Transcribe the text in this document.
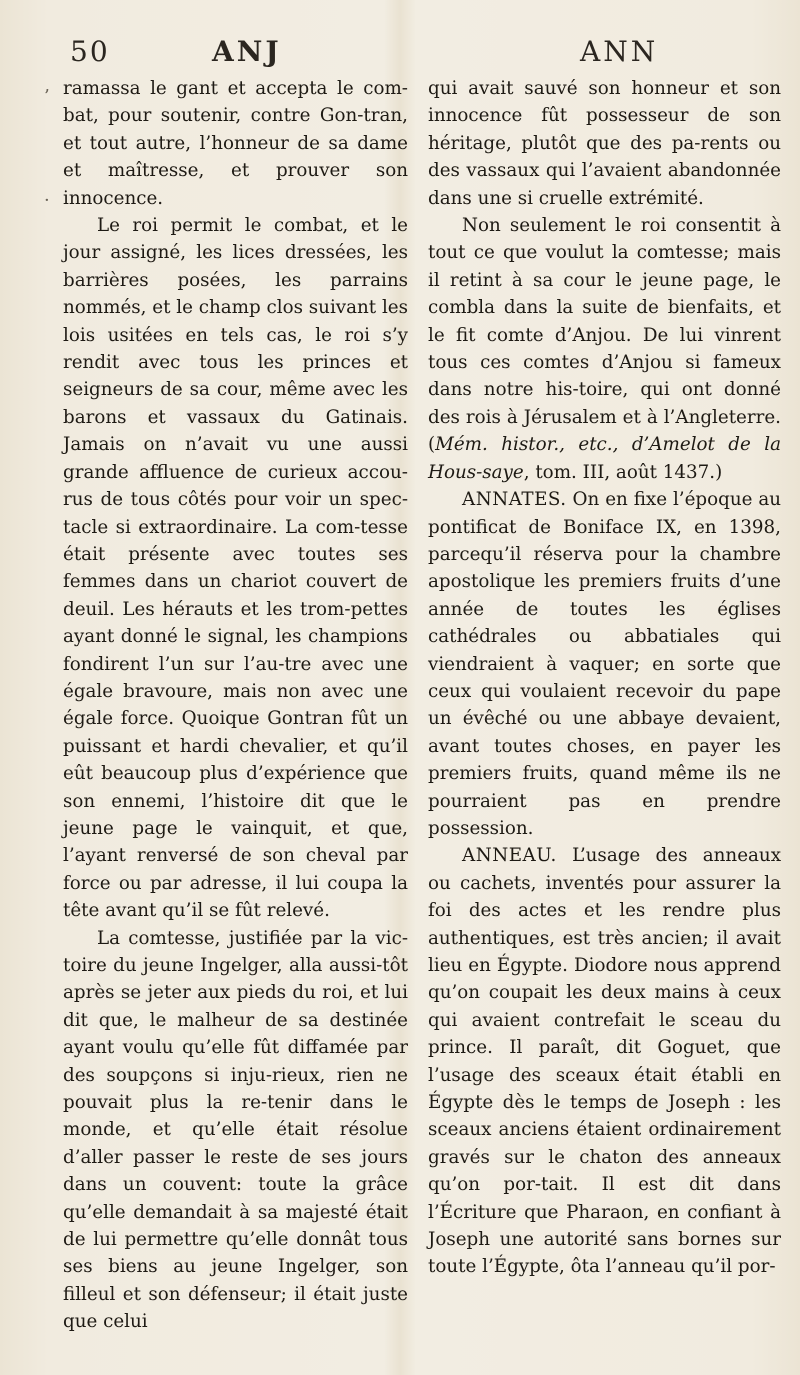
50	ANJ	ANN
’
·

ramassa le gant et accepta le com-bat, pour soutenir, contre Gon-tran, et tout autre, l’honneur de sa dame et maîtresse, et prouver son innocence.

Le roi permit le combat, et le jour assigné, les lices dressées, les barrières posées, les parrains nommés, et le champ clos suivant les lois usitées en tels cas, le roi s’y rendit avec tous les princes et seigneurs de sa cour, même avec les barons et vassaux du Gatinais. Jamais on n’avait vu une aussi grande affluence de curieux accou-rus de tous côtés pour voir un spec-tacle si extraordinaire. La com-tesse était présente avec toutes ses femmes dans un chariot couvert de deuil. Les hérauts et les trom-pettes ayant donné le signal, les champions fondirent l’un sur l’au-tre avec une égale bravoure, mais non avec une égale force. Quoique Gontran fût un puissant et hardi chevalier, et qu’il eût beaucoup plus d’expérience que son ennemi, l’histoire dit que le jeune page le vainquit, et que, l’ayant renversé de son cheval par force ou par adresse, il lui coupa la tête avant qu’il se fût relevé.

La comtesse, justifiée par la vic-toire du jeune Ingelger, alla aussi-tôt après se jeter aux pieds du roi, et lui dit que, le malheur de sa destinée ayant voulu qu’elle fût diffamée par des soupçons si inju-rieux, rien ne pouvait plus la re-tenir dans le monde, et qu’elle était résolue d’aller passer le reste de ses jours dans un couvent: toute la grâce qu’elle demandait à sa majesté était de lui permettre qu’elle donnât tous ses biens au jeune Ingelger, son filleul et son défenseur; il était juste que celui

qui avait sauvé son honneur et son innocence fût possesseur de son héritage, plutôt que des pa-rents ou des vassaux qui l’avaient abandonnée dans une si cruelle extrémité.

Non seulement le roi consentit à tout ce que voulut la comtesse; mais il retint à sa cour le jeune page, le combla dans la suite de bienfaits, et le fit comte d’Anjou. De lui vinrent tous ces comtes d’Anjou si fameux dans notre his-toire, qui ont donné des rois à Jérusalem et à l’Angleterre. (Mém. histor., etc., d’Amelot de la Hous-saye, tom. III, août 1437.)

ANNATES. On en fixe l’époque au pontificat de Boniface IX, en 1398, parcequ’il réserva pour la chambre apostolique les premiers fruits d’une année de toutes les églises cathédrales ou abbatiales qui viendraient à vaquer; en sorte que ceux qui voulaient recevoir du pape un évêché ou une abbaye devaient, avant toutes choses, en payer les premiers fruits, quand même ils ne pourraient pas en prendre possession.

ANNEAU. L’usage des anneaux ou cachets, inventés pour assurer la foi des actes et les rendre plus authentiques, est très ancien; il avait lieu en Égypte. Diodore nous apprend qu’on coupait les deux mains à ceux qui avaient contrefait le sceau du prince. Il paraît, dit Goguet, que l’usage des sceaux était établi en Égypte dès le temps de Joseph : les sceaux anciens étaient ordinairement gravés sur le chaton des anneaux qu’on por-tait. Il est dit dans l’Écriture que Pharaon, en confiant à Joseph une autorité sans bornes sur toute l’Égypte, ôta l’anneau qu’il por-
